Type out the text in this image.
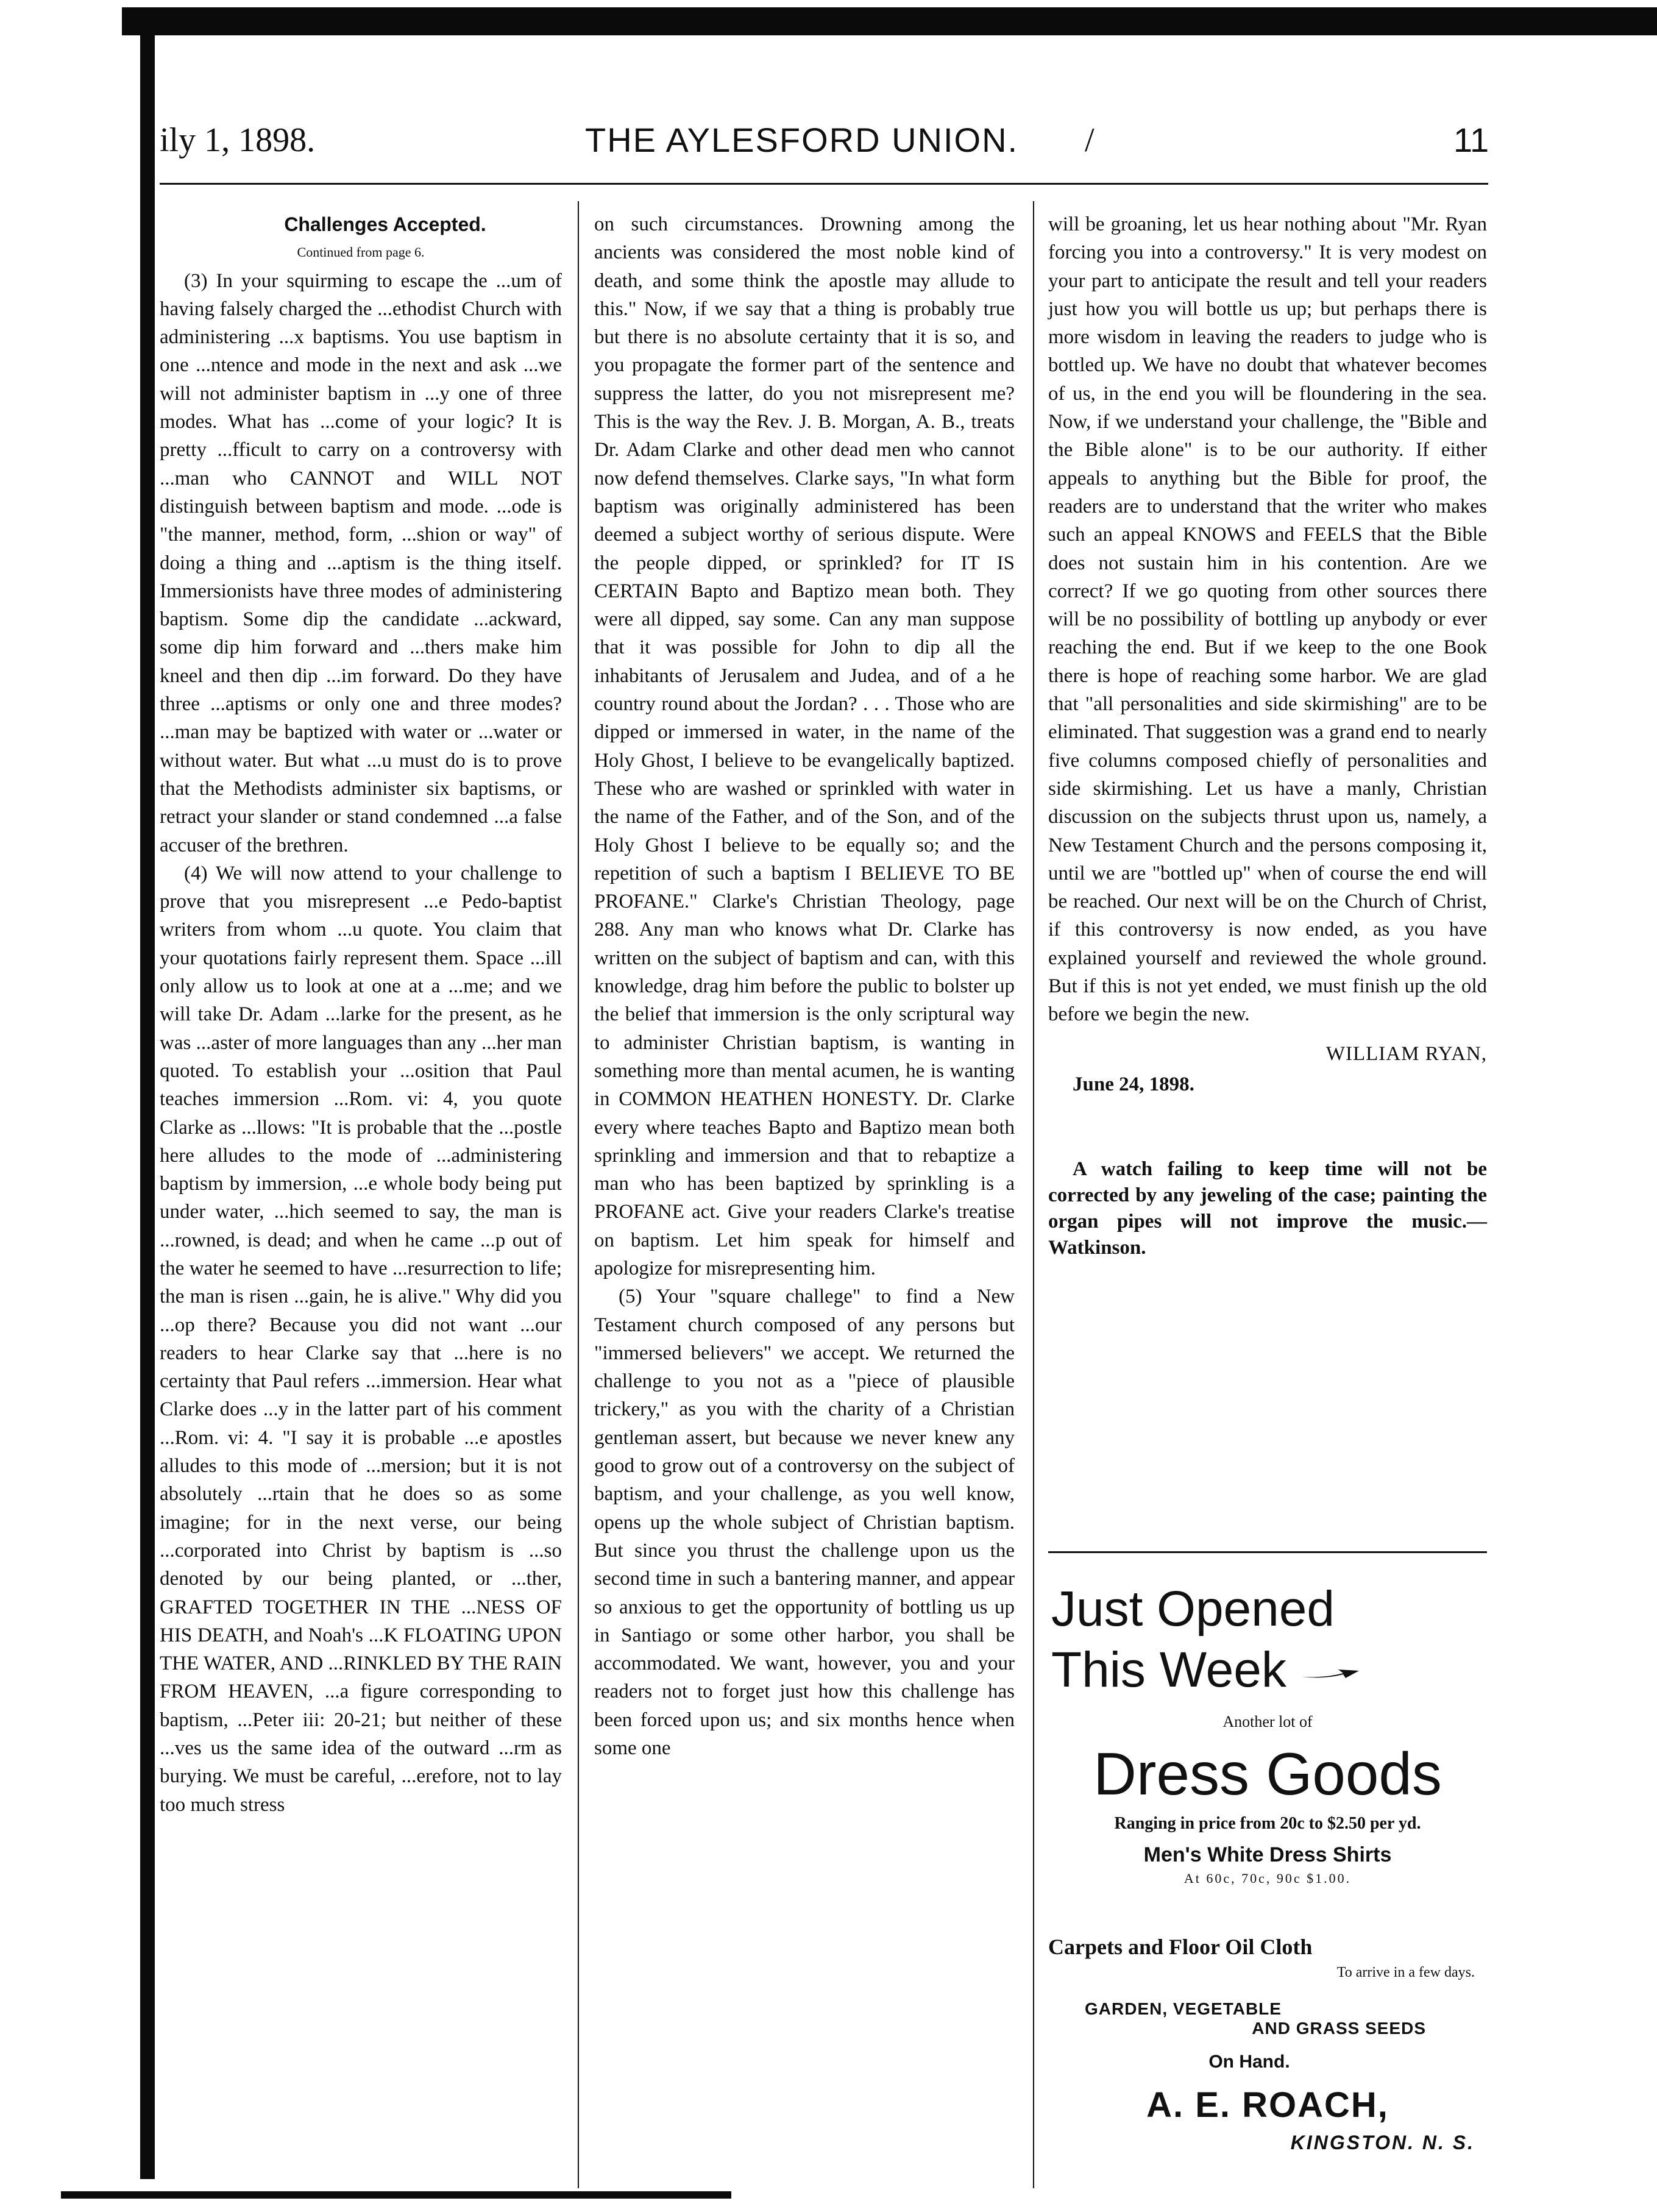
ily 1, 1898.	THE AYLESFORD UNION.	/	11

Challenges Accepted.

Continued from page 6.

(3) In your squirming to escape the ...um of having falsely charged the ...ethodist Church with administering ...x baptisms. You use baptism in one ...ntence and mode in the next and ask ...we will not administer baptism in ...y one of three modes. What has ...come of your logic? It is pretty ...fficult to carry on a controversy with ...man who CANNOT and WILL NOT distinguish between baptism and mode. ...ode is "the manner, method, form, ...shion or way" of doing a thing and ...aptism is the thing itself. Immersionists have three modes of administering baptism. Some dip the candidate ...ackward, some dip him forward and ...thers make him kneel and then dip ...im forward. Do they have three ...aptisms or only one and three modes? ...man may be baptized with water or ...water or without water. But what ...u must do is to prove that the Methodists administer six baptisms, or retract your slander or stand condemned ...a false accuser of the brethren.

(4) We will now attend to your challenge to prove that you misrepresent ...e Pedo-baptist writers from whom ...u quote. You claim that your quotations fairly represent them. Space ...ill only allow us to look at one at a ...me; and we will take Dr. Adam ...larke for the present, as he was ...aster of more languages than any ...her man quoted. To establish your ...osition that Paul teaches immersion ...Rom. vi: 4, you quote Clarke as ...llows: "It is probable that the ...postle here alludes to the mode of ...administering baptism by immersion, ...e whole body being put under water, ...hich seemed to say, the man is ...rowned, is dead; and when he came ...p out of the water he seemed to have ...resurrection to life; the man is risen ...gain, he is alive." Why did you ...op there? Because you did not want ...our readers to hear Clarke say that ...here is no certainty that Paul refers ...immersion. Hear what Clarke does ...y in the latter part of his comment ...Rom. vi: 4. "I say it is probable ...e apostles alludes to this mode of ...mersion; but it is not absolutely ...rtain that he does so as some imagine; for in the next verse, our being ...corporated into Christ by baptism is ...so denoted by our being planted, or ...ther, GRAFTED TOGETHER IN THE ...NESS OF HIS DEATH, and Noah's ...K FLOATING UPON THE WATER, AND ...RINKLED BY THE RAIN FROM HEAVEN, ...a figure corresponding to baptism, ...Peter iii: 20-21; but neither of these ...ves us the same idea of the outward ...rm as burying. We must be careful, ...erefore, not to lay too much stress

on such circumstances. Drowning among the ancients was considered the most noble kind of death, and some think the apostle may allude to this." Now, if we say that a thing is probably true but there is no absolute certainty that it is so, and you propagate the former part of the sentence and suppress the latter, do you not misrepresent me? This is the way the Rev. J. B. Morgan, A. B., treats Dr. Adam Clarke and other dead men who cannot now defend themselves. Clarke says, "In what form baptism was originally administered has been deemed a subject worthy of serious dispute. Were the people dipped, or sprinkled? for IT IS CERTAIN Bapto and Baptizo mean both. They were all dipped, say some. Can any man suppose that it was possible for John to dip all the inhabitants of Jerusalem and Judea, and of a he country round about the Jordan? . . . Those who are dipped or immersed in water, in the name of the Holy Ghost, I believe to be evangelically baptized. These who are washed or sprinkled with water in the name of the Father, and of the Son, and of the Holy Ghost I believe to be equally so; and the repetition of such a baptism I BELIEVE TO BE PROFANE." Clarke's Christian Theology, page 288. Any man who knows what Dr. Clarke has written on the subject of baptism and can, with this knowledge, drag him before the public to bolster up the belief that immersion is the only scriptural way to administer Christian baptism, is wanting in something more than mental acumen, he is wanting in COMMON HEATHEN HONESTY. Dr. Clarke every where teaches Bapto and Baptizo mean both sprinkling and immersion and that to rebaptize a man who has been baptized by sprinkling is a PROFANE act. Give your readers Clarke's treatise on baptism. Let him speak for himself and apologize for misrepresenting him.

(5) Your "square challege" to find a New Testament church composed of any persons but "immersed believers" we accept. We returned the challenge to you not as a "piece of plausible trickery," as you with the charity of a Christian gentleman assert, but because we never knew any good to grow out of a controversy on the subject of baptism, and your challenge, as you well know, opens up the whole subject of Christian baptism. But since you thrust the challenge upon us the second time in such a bantering manner, and appear so anxious to get the opportunity of bottling us up in Santiago or some other harbor, you shall be accommodated. We want, however, you and your readers not to forget just how this challenge has been forced upon us; and six months hence when some one

will be groaning, let us hear nothing about "Mr. Ryan forcing you into a controversy." It is very modest on your part to anticipate the result and tell your readers just how you will bottle us up; but perhaps there is more wisdom in leaving the readers to judge who is bottled up. We have no doubt that whatever becomes of us, in the end you will be floundering in the sea. Now, if we understand your challenge, the "Bible and the Bible alone" is to be our authority. If either appeals to anything but the Bible for proof, the readers are to understand that the writer who makes such an appeal KNOWS and FEELS that the Bible does not sustain him in his contention. Are we correct? If we go quoting from other sources there will be no possibility of bottling up anybody or ever reaching the end. But if we keep to the one Book there is hope of reaching some harbor. We are glad that "all personalities and side skirmishing" are to be eliminated. That suggestion was a grand end to nearly five columns composed chiefly of personalities and side skirmishing. Let us have a manly, Christian discussion on the subjects thrust upon us, namely, a New Testament Church and the persons composing it, until we are "bottled up" when of course the end will be reached. Our next will be on the Church of Christ, if this controversy is now ended, as you have explained yourself and reviewed the whole ground. But if this is not yet ended, we must finish up the old before we begin the new.

WILLIAM RYAN,
June 24, 1898.
A watch failing to keep time will not be corrected by any jeweling of the case; painting the organ pipes will not improve the music.—Watkinson.
Just Opened
This Week
Another lot of
Dress Goods
Ranging in price from 20c to $2.50 per yd.
Men's White Dress Shirts
At 60c, 70c, 90c $1.00.
Carpets and Floor Oil Cloth
To arrive in a few days.
GARDEN, VEGETABLE
AND GRASS SEEDS
On Hand.
A. E. ROACH,
KINGSTON. N. S.
